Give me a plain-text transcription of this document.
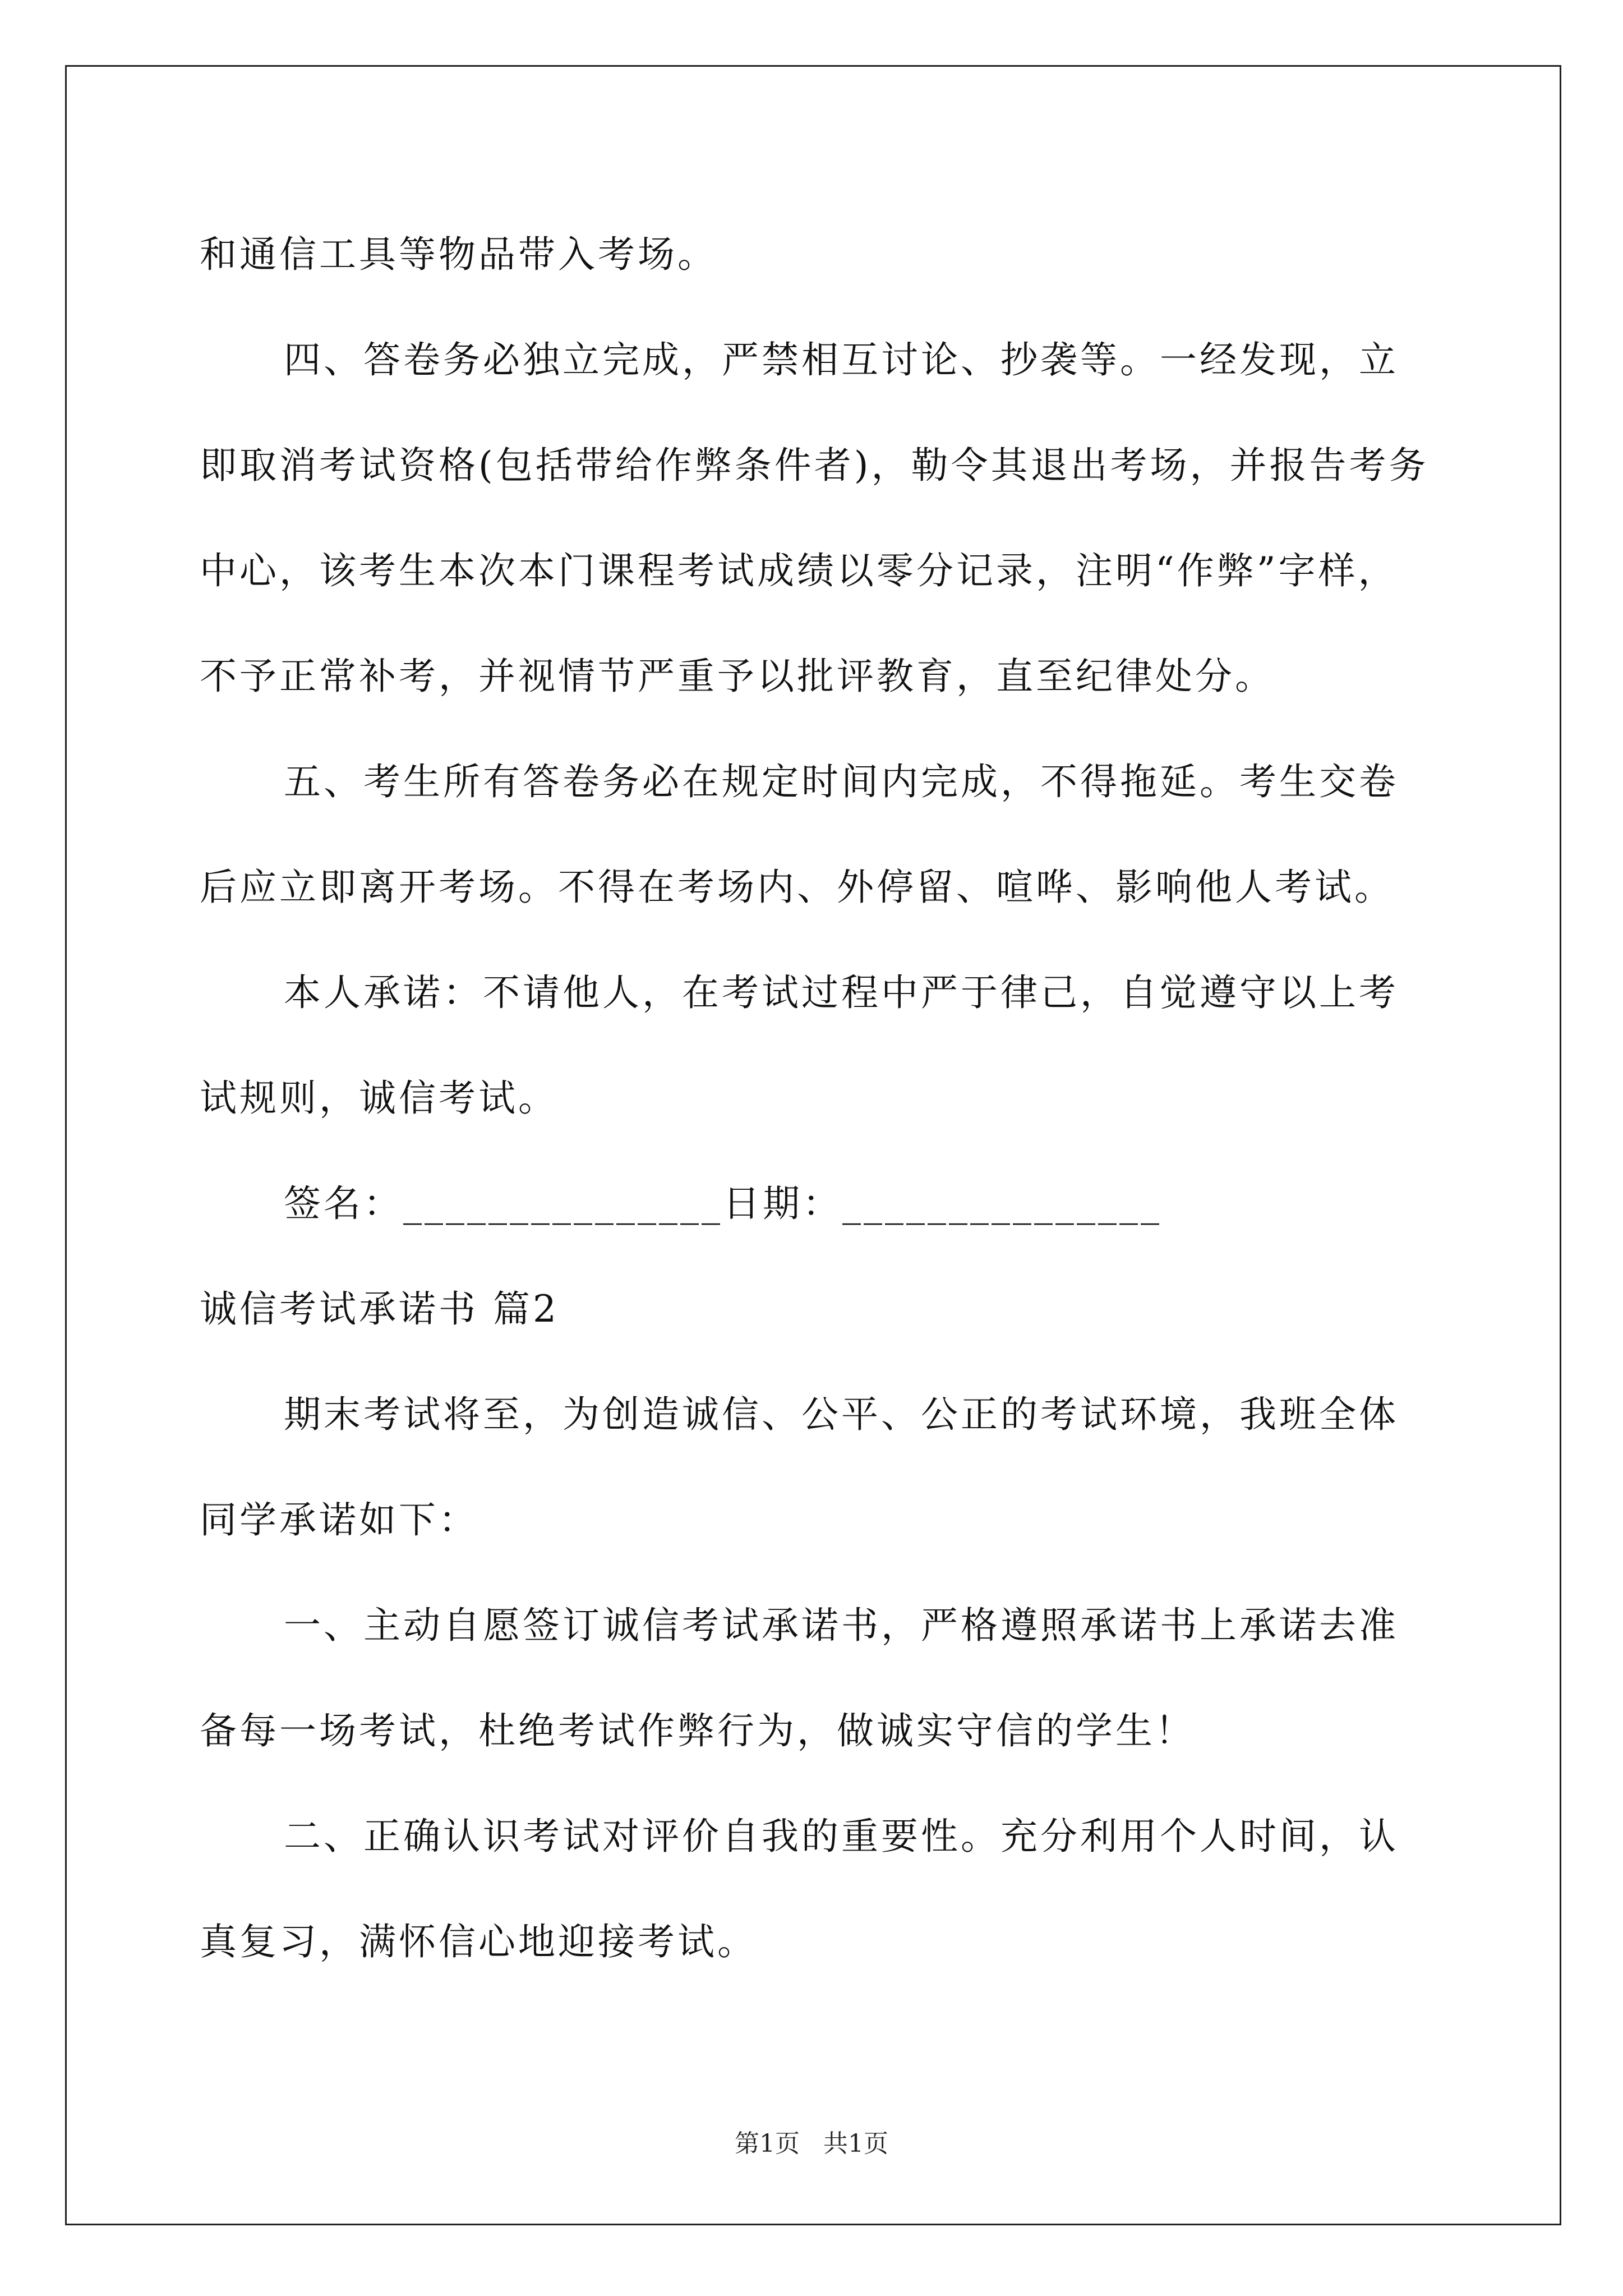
和通信工具等物品带入考场。

四、答卷务必独立完成，严禁相互讨论、抄袭等。一经发现，立即取消考试资格(包括带给作弊条件者)，勒令其退出考场，并报告考务中心，该考生本次本门课程考试成绩以零分记录，注明“作弊”字样，不予正常补考，并视情节严重予以批评教育，直至纪律处分。

五、考生所有答卷务必在规定时间内完成，不得拖延。考生交卷后应立即离开考场。不得在考场内、外停留、喧哗、影响他人考试。

本人承诺：不请他人，在考试过程中严于律己，自觉遵守以上考试规则，诚信考试。

签名：_______________日期：_______________

诚信考试承诺书 篇2

期末考试将至，为创造诚信、公平、公正的考试环境，我班全体同学承诺如下：

一、主动自愿签订诚信考试承诺书，严格遵照承诺书上承诺去准备每一场考试，杜绝考试作弊行为，做诚实守信的学生！

二、正确认识考试对评价自我的重要性。充分利用个人时间，认真复习，满怀信心地迎接考试。

第1页 共1页
